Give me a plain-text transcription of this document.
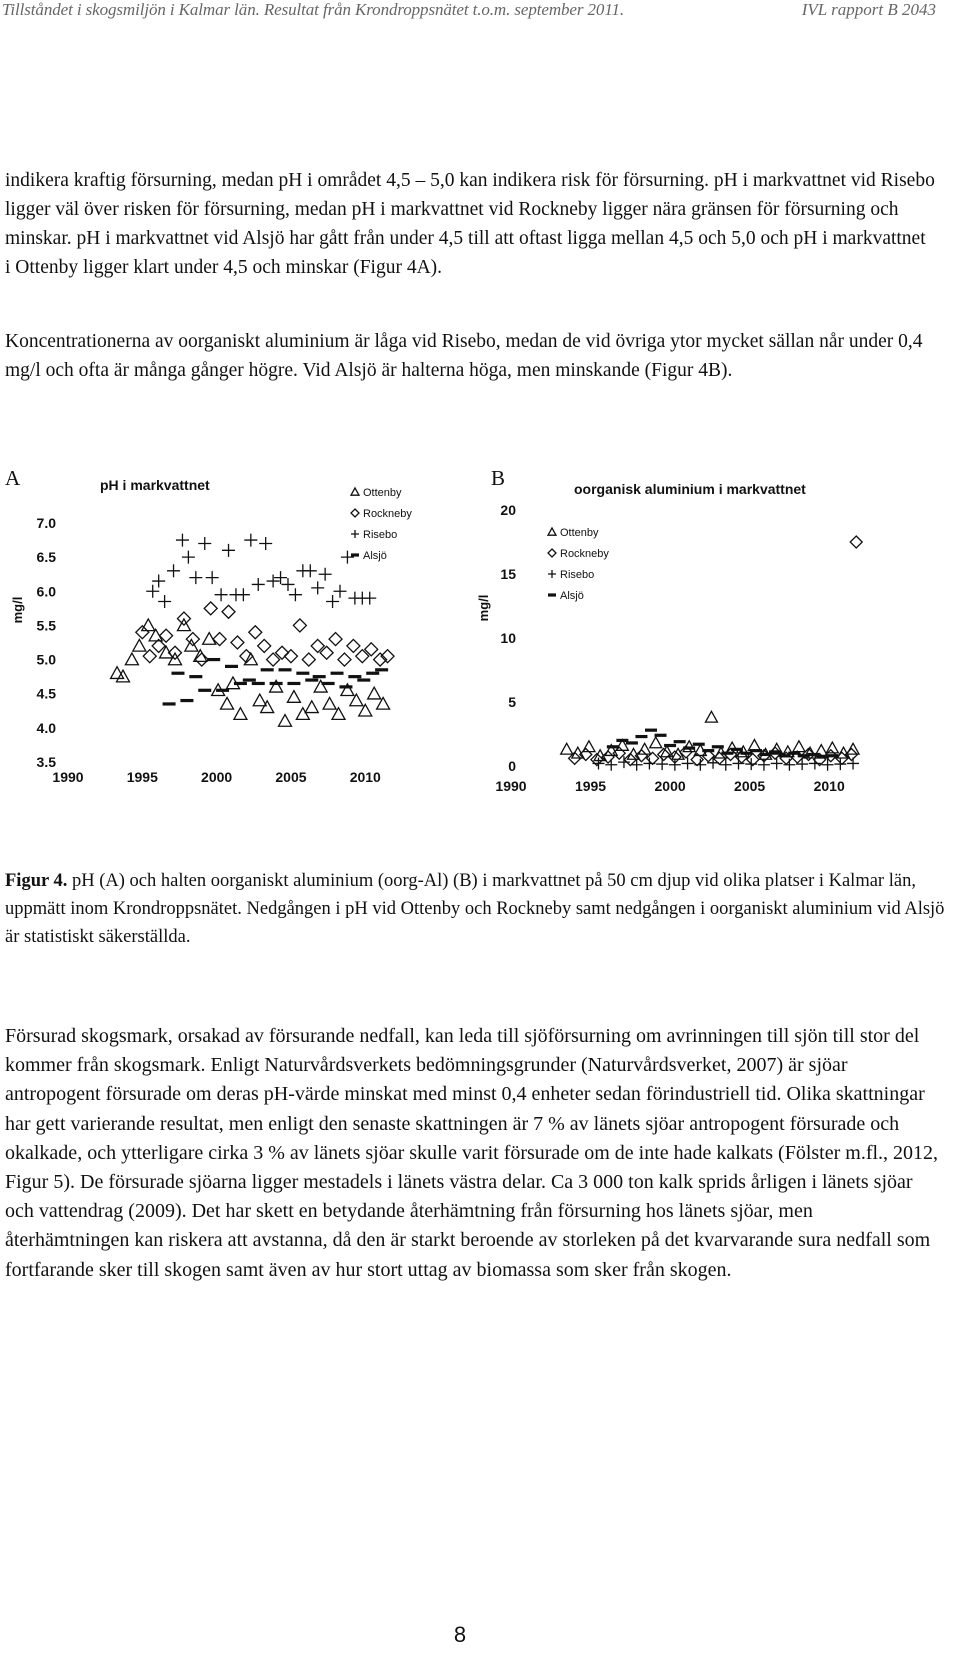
Tillståndet i skogsmiljön i Kalmar län. Resultat från Krondroppsnätet t.o.m. september 2011.	IVL rapport B 2043

indikera kraftig försurning, medan pH i området 4,5 – 5,0 kan indikera risk för försurning. pH i markvattnet vid Risebo ligger väl över risken för försurning, medan pH i markvattnet vid Rockneby ligger nära gränsen för försurning och minskar. pH i markvattnet vid Alsjö har gått från under 4,5 till att oftast ligga mellan 4,5 och 5,0 och pH i markvattnet i Ottenby ligger klart under 4,5 och minskar (Figur 4A).

Koncentrationerna av oorganiskt aluminium är låga vid Risebo, medan de vid övriga ytor mycket sällan når under 0,4 mg/l och ofta är många gånger högre. Vid Alsjö är halterna höga, men minskande (Figur 4B).

A	B
pH i markvattnet
mg/l
3.5
4.0
4.5
5.0
5.5
6.0
6.5
7.0
1990	1995	2000	2005	2010
Ottenby
Rockneby
Risebo
Alsjö
oorganisk aluminium i markvattnet
mg/l
0
5
10
15
20
1990	1995	2000	2005	2010
Ottenby
Rockneby
Risebo
Alsjö

Figur 4. pH (A) och halten oorganiskt aluminium (oorg-Al) (B) i markvattnet på 50 cm djup vid olika platser i Kalmar län, uppmätt inom Krondroppsnätet. Nedgången i pH vid Ottenby och Rockneby samt nedgången i oorganiskt aluminium vid Alsjö är statistiskt säkerställda.

Försurad skogsmark, orsakad av försurande nedfall, kan leda till sjöförsurning om avrinningen till sjön till stor del kommer från skogsmark. Enligt Naturvårdsverkets bedömningsgrunder (Naturvårdsverket, 2007) är sjöar antropogent försurade om deras pH-värde minskat med minst 0,4 enheter sedan förindustriell tid. Olika skattningar har gett varierande resultat, men enligt den senaste skattningen är 7 % av länets sjöar antropogent försurade och okalkade, och ytterligare cirka 3 % av länets sjöar skulle varit försurade om de inte hade kalkats (Fölster m.fl., 2012, Figur 5). De försurade sjöarna ligger mestadels i länets västra delar. Ca 3 000 ton kalk sprids årligen i länets sjöar och vattendrag (2009). Det har skett en betydande återhämtning från försurning hos länets sjöar, men återhämtningen kan riskera att avstanna, då den är starkt beroende av storleken på det kvarvarande sura nedfall som fortfarande sker till skogen samt även av hur stort uttag av biomassa som sker från skogen.

8
